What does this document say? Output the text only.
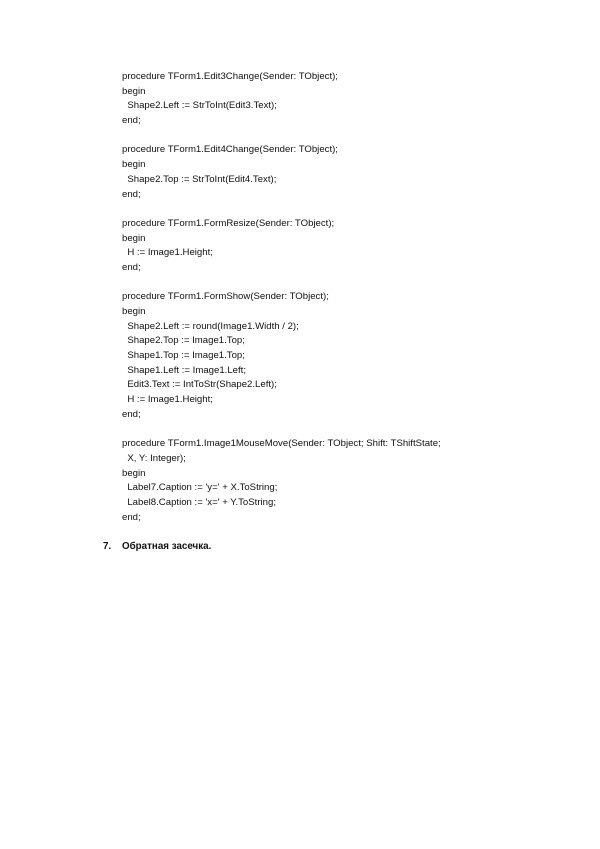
procedure TForm1.Edit3Change(Sender: TObject);
begin
Shape2.Left := StrToInt(Edit3.Text);
end;
procedure TForm1.Edit4Change(Sender: TObject);
begin
Shape2.Top := StrToInt(Edit4.Text);
end;
procedure TForm1.FormResize(Sender: TObject);
begin
H := Image1.Height;
end;
procedure TForm1.FormShow(Sender: TObject);
begin
Shape2.Left := round(Image1.Width / 2);
Shape2.Top := Image1.Top;
Shape1.Top := Image1.Top;
Shape1.Left := Image1.Left;
Edit3.Text := IntToStr(Shape2.Left);
H := Image1.Height;
end;
procedure TForm1.Image1MouseMove(Sender: TObject; Shift: TShiftState;
X, Y: Integer);
begin
Label7.Caption := 'y=' + X.ToString;
Label8.Caption := 'x=' + Y.ToString;
end;
7. Обратная засечка.
